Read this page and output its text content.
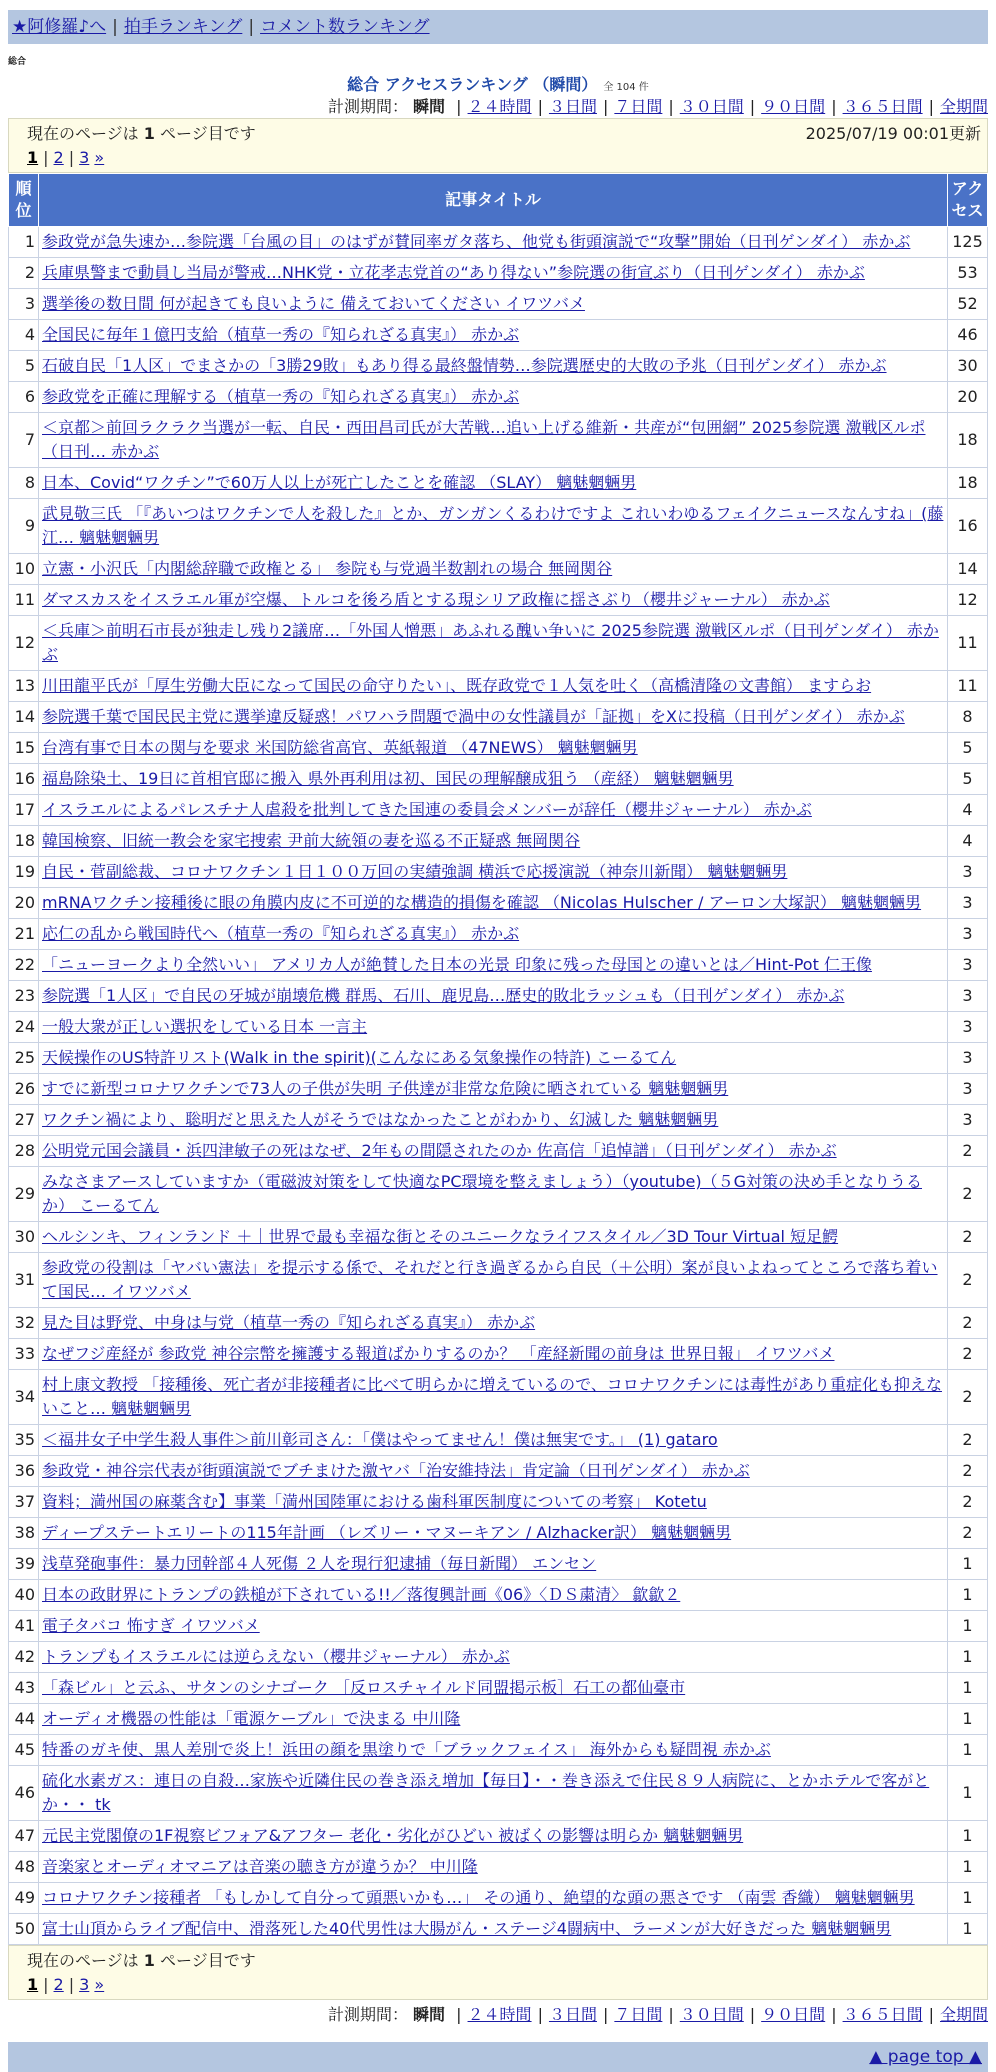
★阿修羅♪へ | 拍手ランキング | コメント数ランキング
総合
総合 アクセスランキング （瞬間） 全 104 件
計測期間： 瞬間 | ２４時間 | ３日間 | ７日間 | ３０日間 | ９０日間 | ３６５日間 | 全期間
現在のページは 1 ページ目です	2025/07/19 00:01更新
1 | 2 | 3 »
順位	記事タイトル	アクセス
1	参政党が急失速か…参院選「台風の目」のはずが賛同率ガタ落ち、他党も街頭演説で“攻撃”開始（日刊ゲンダイ） 赤かぶ	125
2	兵庫県警まで動員し当局が警戒…NHK党・立花孝志党首の“あり得ない”参院選の街宣ぶり（日刊ゲンダイ） 赤かぶ	53
3	選挙後の数日間 何が起きても良いように 備えておいてください イワツバメ	52
4	全国民に毎年１億円支給（植草一秀の『知られざる真実』） 赤かぶ	46
5	石破自民「1人区」でまさかの「3勝29敗」もあり得る最終盤情勢…参院選歴史的大敗の予兆（日刊ゲンダイ） 赤かぶ	30
6	参政党を正確に理解する（植草一秀の『知られざる真実』） 赤かぶ	20
7	＜京都＞前回ラクラク当選が一転、自民・西田昌司氏が大苦戦…追い上げる維新・共産が“包囲網” 2025参院選 激戦区ルポ（日刊… 赤かぶ	18
8	日本、Covid“ワクチン”で60万人以上が死亡したことを確認 （SLAY） 魑魅魍魎男	18
9	武見敬三氏 「『あいつはワクチンで人を殺した』とか、ガンガンくるわけですよ これいわゆるフェイクニュースなんすね」(藤江… 魑魅魍魎男	16
10	立憲・小沢氏「内閣総辞職で政権とる」 参院も与党過半数割れの場合 無岡関谷	14
11	ダマスカスをイスラエル軍が空爆、トルコを後ろ盾とする現シリア政権に揺さぶり（櫻井ジャーナル） 赤かぶ	12
12	＜兵庫＞前明石市長が独走し残り2議席…「外国人憎悪」あふれる醜い争いに 2025参院選 激戦区ルポ（日刊ゲンダイ） 赤かぶ	11
13	川田龍平氏が「厚生労働大臣になって国民の命守りたい」、既存政党で１人気を吐く（高橋清隆の文書館） ますらお	11
14	参院選千葉で国民民主党に選挙違反疑惑！パワハラ問題で渦中の女性議員が「証拠」をXに投稿（日刊ゲンダイ） 赤かぶ	8
15	台湾有事で日本の関与を要求 米国防総省高官、英紙報道 （47NEWS） 魑魅魍魎男	5
16	福島除染土、19日に首相官邸に搬入 県外再利用は初、国民の理解醸成狙う （産経） 魑魅魍魎男	5
17	イスラエルによるパレスチナ人虐殺を批判してきた国連の委員会メンバーが辞任（櫻井ジャーナル） 赤かぶ	4
18	韓国検察、旧統一教会を家宅捜索 尹前大統領の妻を巡る不正疑惑 無岡関谷	4
19	自民・菅副総裁、コロナワクチン１日１００万回の実績強調 横浜で応援演説（神奈川新聞） 魑魅魍魎男	3
20	mRNAワクチン接種後に眼の角膜内皮に不可逆的な構造的損傷を確認 （Nicolas Hulscher / アーロン大塚訳） 魑魅魍魎男	3
21	応仁の乱から戦国時代へ（植草一秀の『知られざる真実』） 赤かぶ	3
22	「ニューヨークより全然いい」 アメリカ人が絶賛した日本の光景 印象に残った母国との違いとは／Hint-Pot 仁王像	3
23	参院選「1人区」で自民の牙城が崩壊危機 群馬、石川、鹿児島…歴史的敗北ラッシュも（日刊ゲンダイ） 赤かぶ	3
24	一般大衆が正しい選択をしている日本 一言主	3
25	天候操作のUS特許リスト(Walk in the spirit)(こんなにある気象操作の特許) こーるてん	3
26	すでに新型コロナワクチンで73人の子供が失明 子供達が非常な危険に晒されている 魑魅魍魎男	3
27	ワクチン禍により、聡明だと思えた人がそうではなかったことがわかり、幻滅した 魑魅魍魎男	3
28	公明党元国会議員・浜四津敏子の死はなぜ、2年もの間隠されたのか 佐高信「追悼譜」（日刊ゲンダイ） 赤かぶ	2
29	みなさまアースしていますか（電磁波対策をして快適なPC環境を整えましょう）（youtube)（５G対策の決め手となりうるか） こーるてん	2
30	ヘルシンキ、フィンランド ＋｜世界で最も幸福な街とそのユニークなライフスタイル／3D Tour Virtual 短足鰐	2
31	参政党の役割は「ヤバい憲法」を提示する係で、それだと行き過ぎるから自民（＋公明）案が良いよねってところで落ち着いて国民… イワツバメ	2
32	見た目は野党、中身は与党（植草一秀の『知られざる真実』） 赤かぶ	2
33	なぜフジ産経が 参政党 神谷宗幣を擁護する報道ばかりするのか？ 「産経新聞の前身は 世界日報」 イワツバメ	2
34	村上康文教授 「接種後、死亡者が非接種者に比べて明らかに増えているので、コロナワクチンには毒性があり重症化も抑えないこと… 魑魅魍魎男	2
35	＜福井女子中学生殺人事件＞前川彰司さん：「僕はやってません！僕は無実です。」 (1) gataro	2
36	参政党・神谷宗代表が街頭演説でブチまけた激ヤバ「治安維持法」肯定論（日刊ゲンダイ） 赤かぶ	2
37	資料；満州国の麻薬含む】事業「満州国陸軍における歯科軍医制度についての考察」 Kotetu	2
38	ディープステートエリートの115年計画 （レズリー・マヌーキアン / Alzhacker訳） 魑魅魍魎男	2
39	浅草発砲事件：暴力団幹部４人死傷 ２人を現行犯逮捕（毎日新聞） エンセン	1
40	日本の政財界にトランプの鉄槌が下されている!!／落復興計画《06》〈ＤＳ粛清〉 歙歙２	1
41	電子タバコ 怖すぎ イワツバメ	1
42	トランプもイスラエルには逆らえない（櫻井ジャーナル） 赤かぶ	1
43	「森ビル」と云ふ、サタンのシナゴーク ［反ロスチャイルド同盟掲示板］石工の都仙臺市	1
44	オーディオ機器の性能は「電源ケーブル」で決まる 中川隆	1
45	特番のガキ使、黒人差別で炎上！浜田の顔を黒塗りで「ブラックフェイス」 海外からも疑問視 赤かぶ	1
46	硫化水素ガス：連日の自殺…家族や近隣住民の巻き添え増加【毎日】・・巻き添えで住民８９人病院に、とかホテルで客がとか・・ tk	1
47	元民主党閣僚の1F視察ビフォア&アフター 老化・劣化がひどい 被ばくの影響は明らか 魑魅魍魎男	1
48	音楽家とオーディオマニアは音楽の聴き方が違うか？ 中川隆	1
49	コロナワクチン接種者 「もしかして自分って頭悪いかも…」 その通り、絶望的な頭の悪さです （南雲 香織） 魑魅魍魎男	1
50	富士山頂からライブ配信中、滑落死した40代男性は大腸がん・ステージ4闘病中、ラーメンが大好きだった 魑魅魍魎男	1
現在のページは 1 ページ目です
1 | 2 | 3 »
計測期間： 瞬間 | ２４時間 | ３日間 | ７日間 | ３０日間 | ９０日間 | ３６５日間 | 全期間
▲ page top ▲
